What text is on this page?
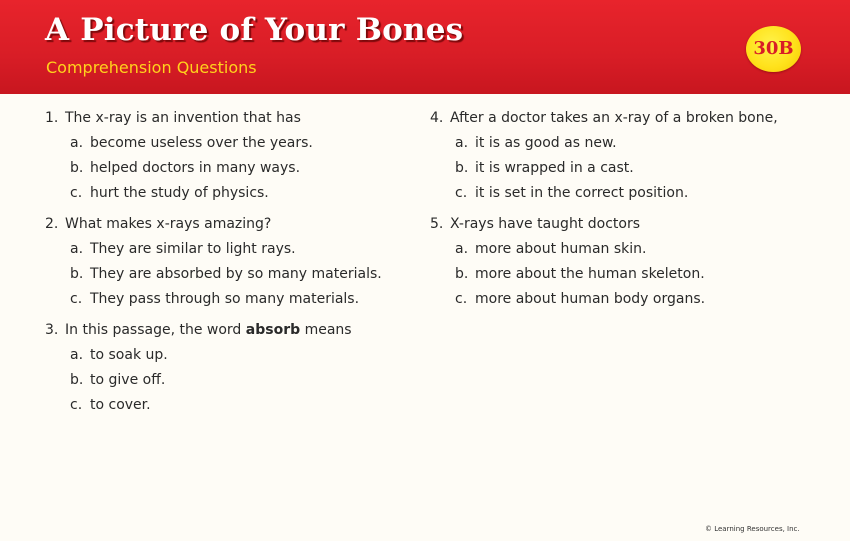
A Picture of Your Bones
Comprehension Questions
30B
1. The x-ray is an invention that has
a. become useless over the years.
b. helped doctors in many ways.
c. hurt the study of physics.
2. What makes x-rays amazing?
a. They are similar to light rays.
b. They are absorbed by so many materials.
c. They pass through so many materials.
3. In this passage, the word absorb means
a. to soak up.
b. to give off.
c. to cover.
4. After a doctor takes an x-ray of a broken bone,
a. it is as good as new.
b. it is wrapped in a cast.
c. it is set in the correct position.
5. X-rays have taught doctors
a. more about human skin.
b. more about the human skeleton.
c. more about human body organs.
© Learning Resources, Inc.
